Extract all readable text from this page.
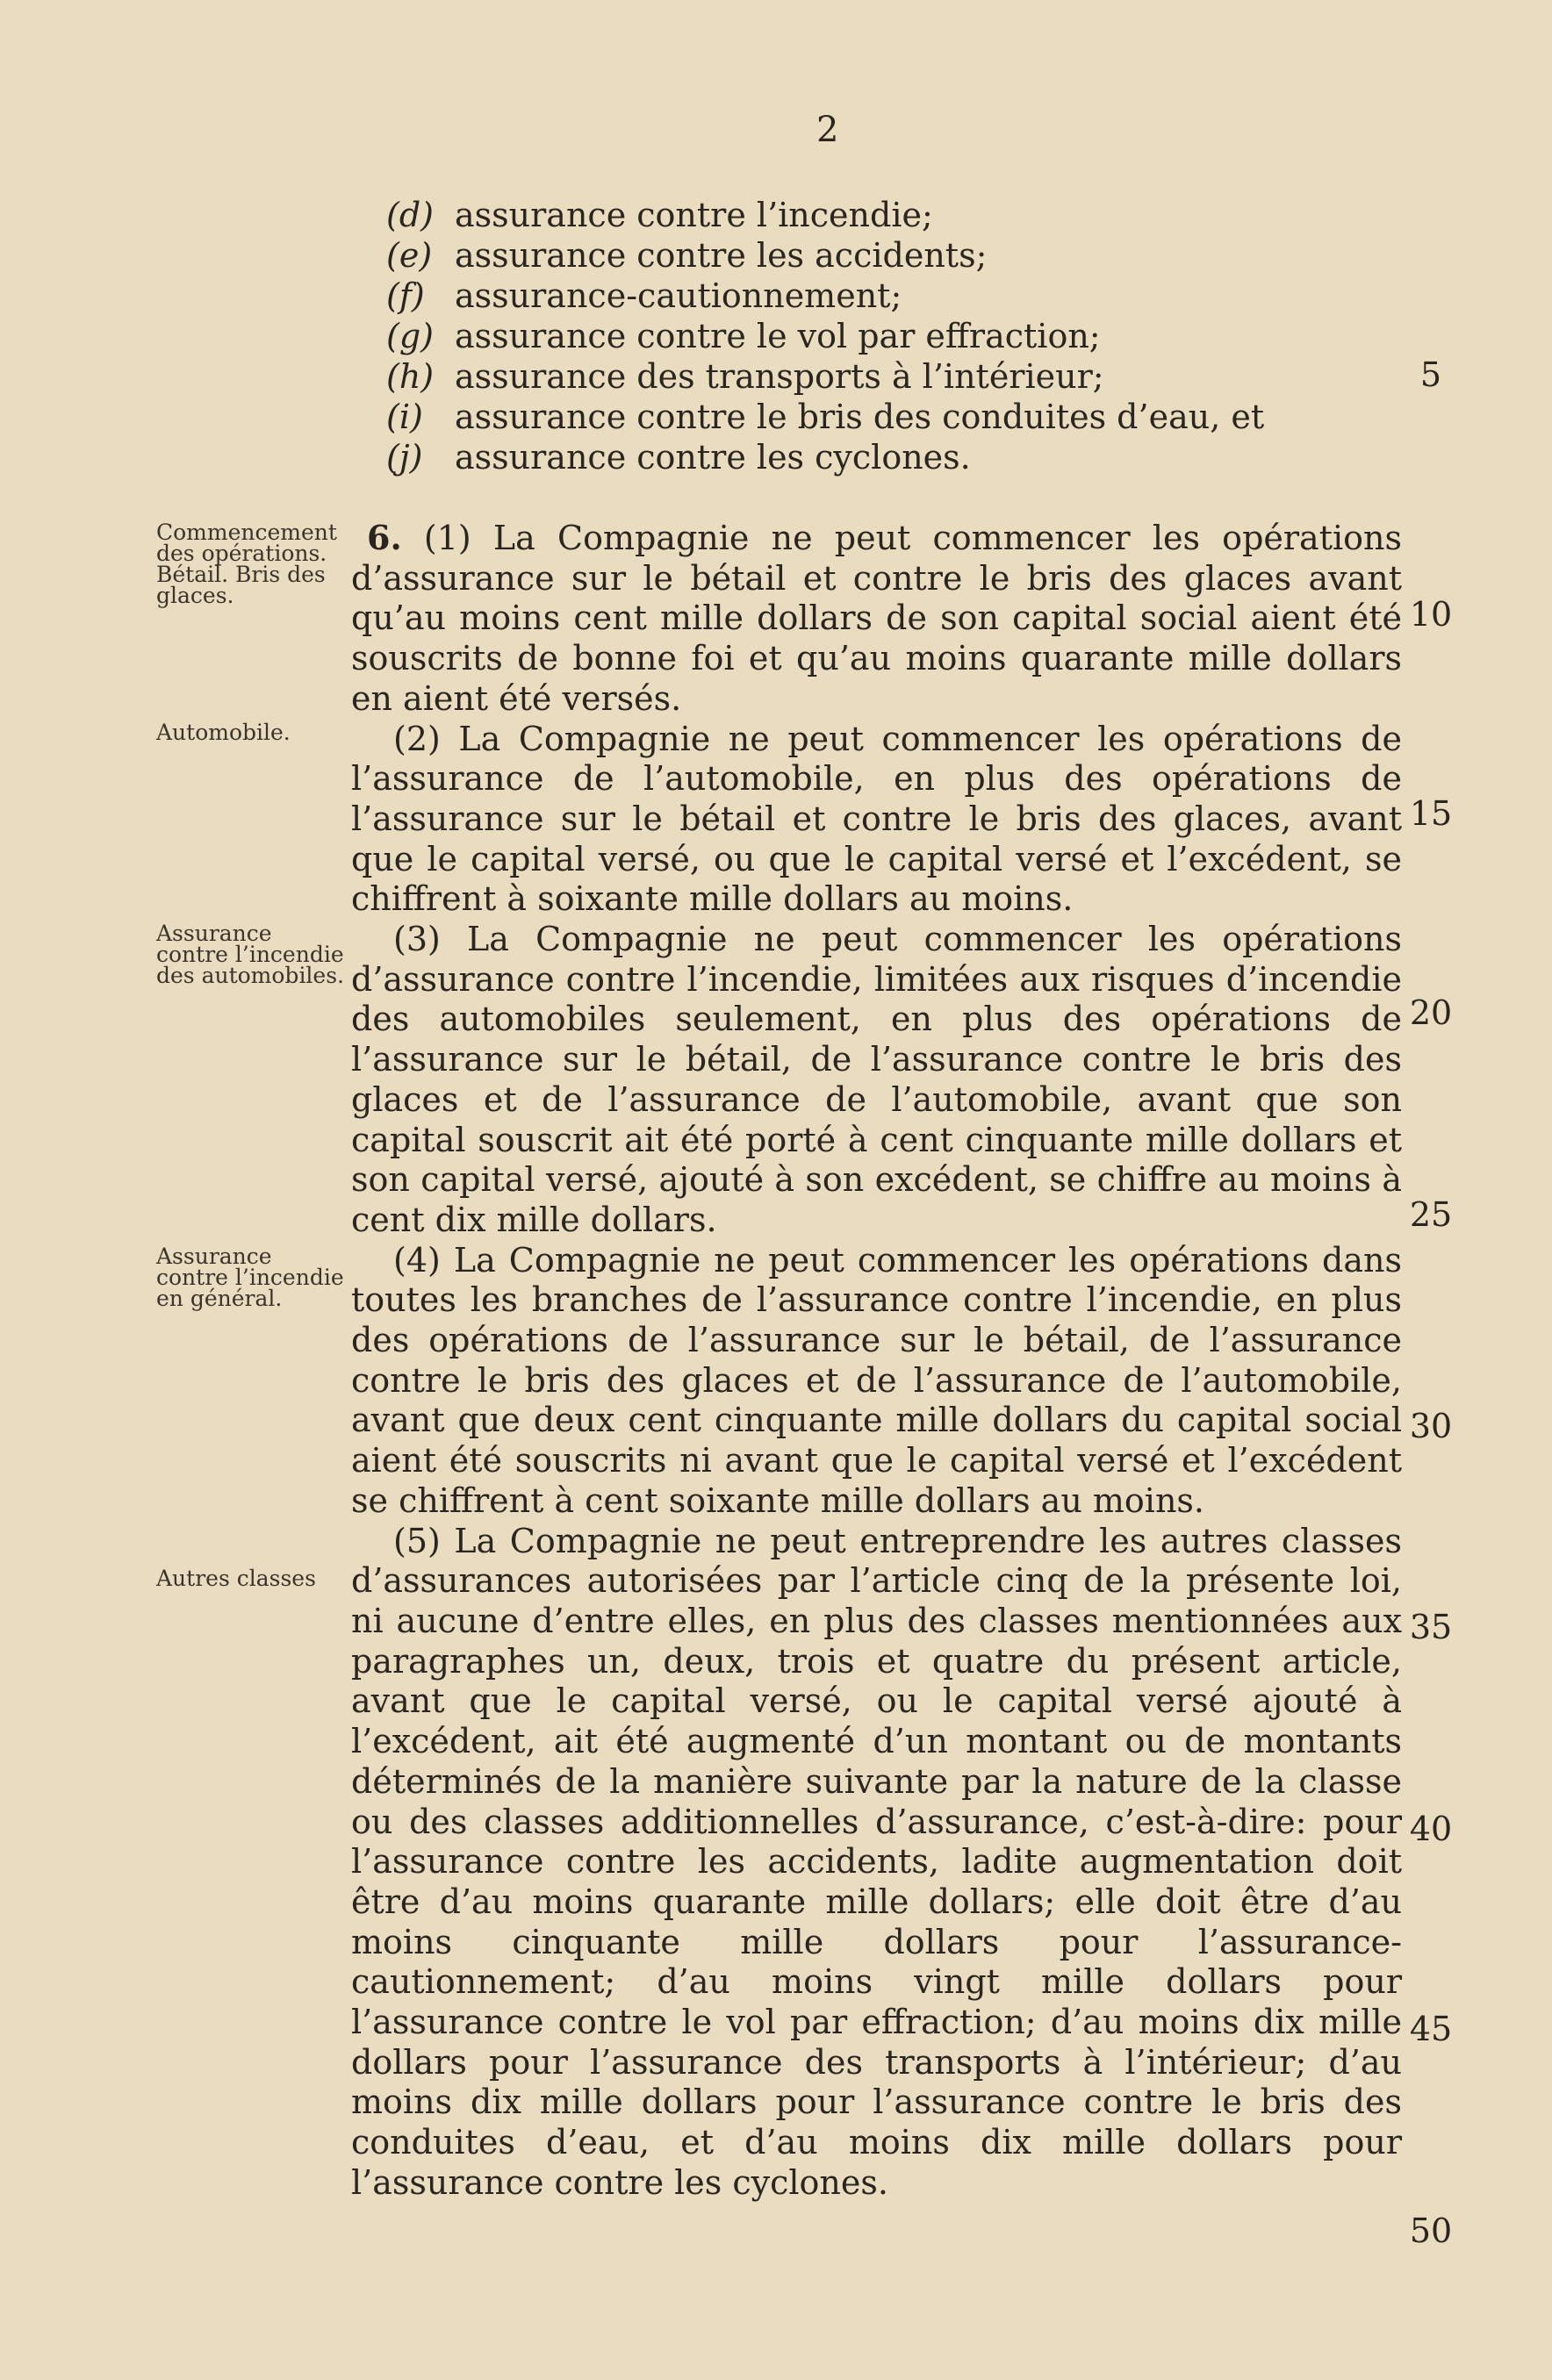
2
(d) assurance contre l’incendie;
(e) assurance contre les accidents;
(f) assurance-cautionnement;
(g) assurance contre le vol par effraction;
(h) assurance des transports à l’intérieur;
(i) assurance contre le bris des conduites d’eau, et
(j) assurance contre les cyclones.
Commencement des opérations. Bétail. Bris des glaces.
Automobile.
Assurance contre l’incendie des automobiles.
Assurance contre l’incendie en général.
Autres classes

6. (1) La Compagnie ne peut commencer les opérations d’assurance sur le bétail et contre le bris des glaces avant qu’au moins cent mille dollars de son capital social aient été souscrits de bonne foi et qu’au moins quarante mille dollars en aient été versés.

(2) La Compagnie ne peut commencer les opérations de l’assurance de l’automobile, en plus des opérations de l’assurance sur le bétail et contre le bris des glaces, avant que le capital versé, ou que le capital versé et l’excédent, se chiffrent à soixante mille dollars au moins.

(3) La Compagnie ne peut commencer les opérations d’assurance contre l’incendie, limitées aux risques d’incendie des automobiles seulement, en plus des opérations de l’assurance sur le bétail, de l’assurance contre le bris des glaces et de l’assurance de l’automobile, avant que son capital souscrit ait été porté à cent cinquante mille dollars et son capital versé, ajouté à son excédent, se chiffre au moins à cent dix mille dollars.

(4) La Compagnie ne peut commencer les opérations dans toutes les branches de l’assurance contre l’incendie, en plus des opérations de l’assurance sur le bétail, de l’assurance contre le bris des glaces et de l’assurance de l’automobile, avant que deux cent cinquante mille dollars du capital social aient été souscrits ni avant que le capital versé et l’excédent se chiffrent à cent soixante mille dollars au moins.

(5) La Compagnie ne peut entreprendre les autres classes d’assurances autorisées par l’article cinq de la présente loi, ni aucune d’entre elles, en plus des classes mentionnées aux paragraphes un, deux, trois et quatre du présent article, avant que le capital versé, ou le capital versé ajouté à l’excédent, ait été augmenté d’un montant ou de montants déterminés de la manière suivante par la nature de la classe ou des classes additionnelles d’assurance, c’est-à-dire: pour l’assurance contre les accidents, ladite augmentation doit être d’au moins quarante mille dollars; elle doit être d’au moins cinquante mille dollars pour l’assurance-cautionnement; d’au moins vingt mille dollars pour l’assurance contre le vol par effraction; d’au moins dix mille dollars pour l’assurance des transports à l’intérieur; d’au moins dix mille dollars pour l’assurance contre le bris des conduites d’eau, et d’au moins dix mille dollars pour l’assurance contre les cyclones.

5
10
15
20
25
30
35
40
45
50
